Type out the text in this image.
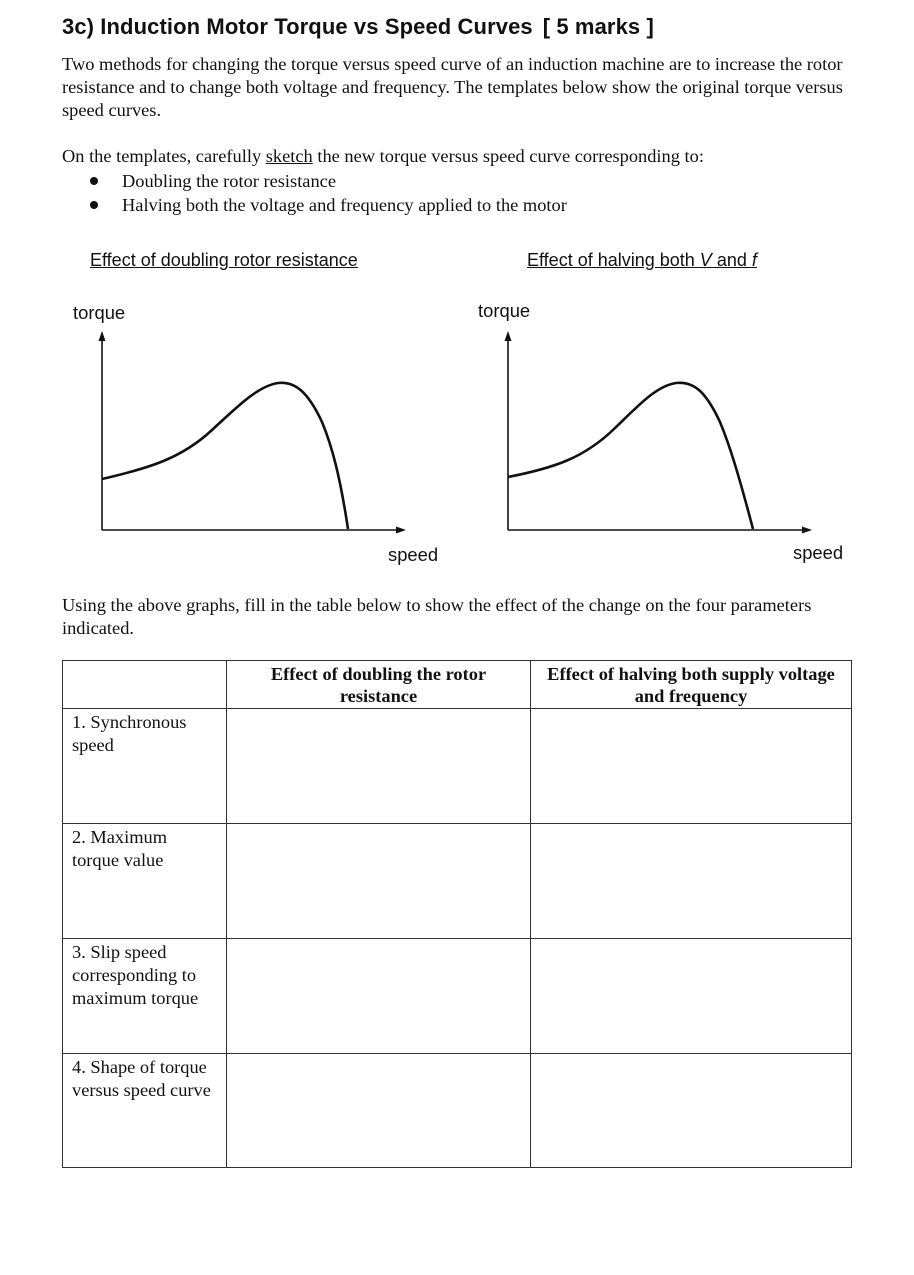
3c) Induction Motor Torque vs Speed Curves [ 5 marks ]
Two methods for changing the torque versus speed curve of an induction machine are to increase the rotor resistance and to change both voltage and frequency. The templates below show the original torque versus speed curves.
On the templates, carefully sketch the new torque versus speed curve corresponding to:
Doubling the rotor resistance
Halving both the voltage and frequency applied to the motor
Effect of doubling rotor resistance	Effect of halving both V and f
torque	torque
speed	speed
Using the above graphs, fill in the table below to show the effect of the change on the four parameters indicated.

	Effect of doubling the rotor resistance	Effect of halving both supply voltage and frequency

1. Synchronous speed		

2. Maximum torque value		

3. Slip speed corresponding to maximum torque		

4. Shape of torque versus speed curve		
